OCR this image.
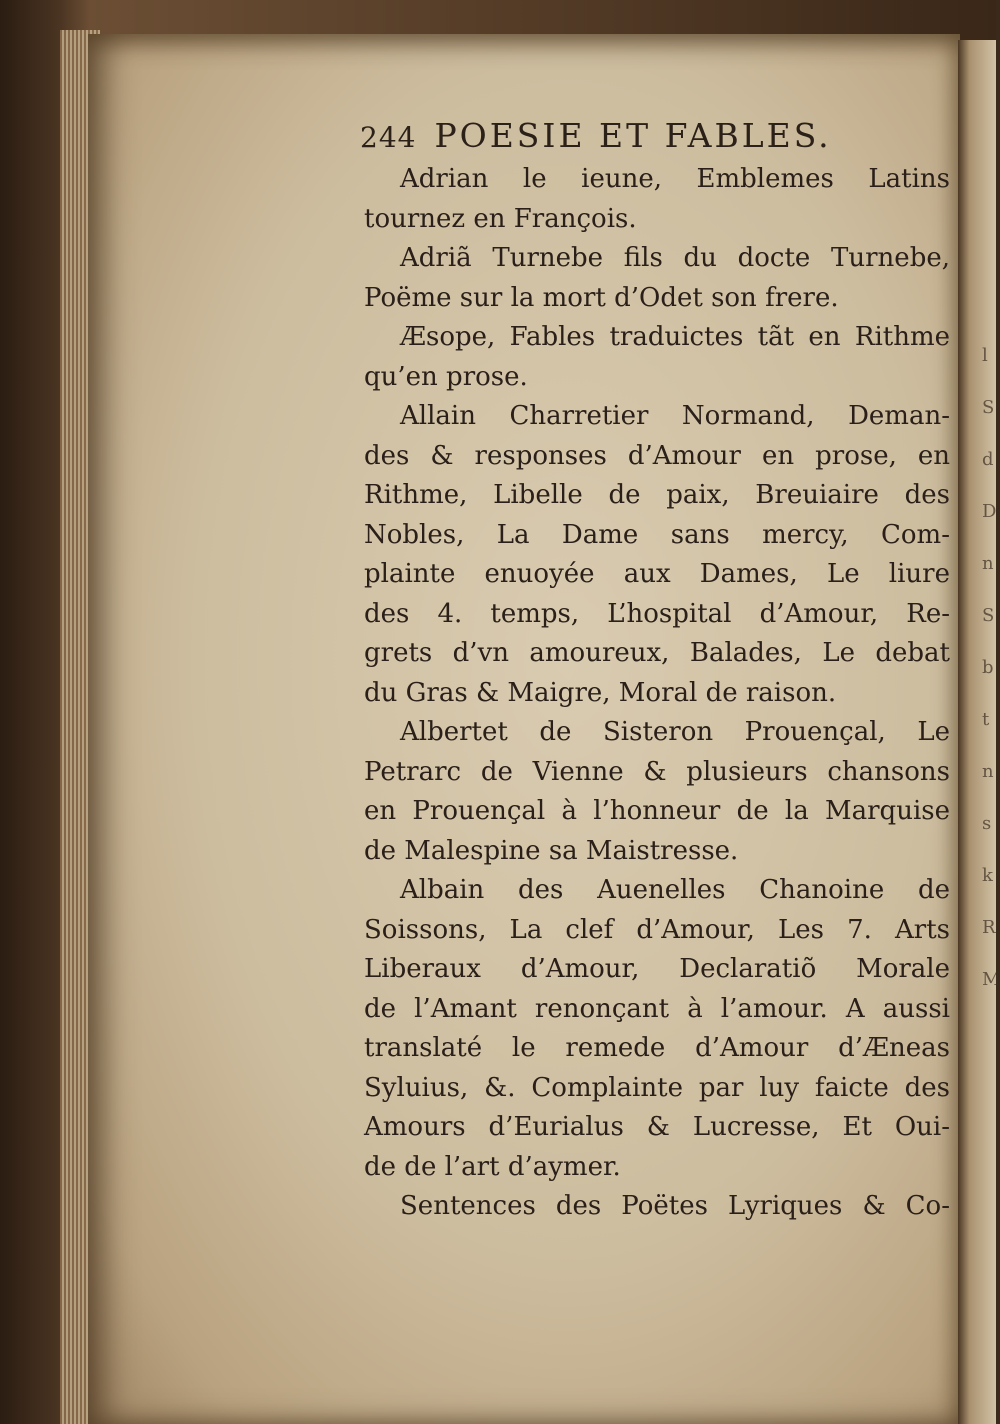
244 POESIE ET FABLES.
Adrian le ieune, Emblemes Latins
tournez en François.
Adriã Turnebe fils du docte Turnebe,
Poëme sur la mort d’Odet son frere.
Æsope, Fables traduictes tãt en Rithme
qu’en prose.
Allain Charretier Normand, Deman-
des & responses d’Amour en prose, en
Rithme, Libelle de paix, Breuiaire des
Nobles, La Dame sans mercy, Com-
plainte enuoyée aux Dames, Le liure
des 4. temps, L’hospital d’Amour, Re-
grets d’vn amoureux, Balades, Le debat
du Gras & Maigre, Moral de raison.
Albertet de Sisteron Prouençal, Le
Petrarc de Vienne & plusieurs chansons
en Prouençal à l’honneur de la Marquise
de Malespine sa Maistresse.
Albain des Auenelles Chanoine de
Soissons, La clef d’Amour, Les 7. Arts
Liberaux d’Amour, Declaratiõ Morale
de l’Amant renonçant à l’amour. A aussi
translaté le remede d’Amour d’Æneas
Syluius, &. Complainte par luy faicte des
Amours d’Eurialus & Lucresse, Et Oui-
de de l’art d’aymer.
Sentences des Poëtes Lyriques & Co-
l
S
d
D
n
S
b
t
n
s
k
R
M
